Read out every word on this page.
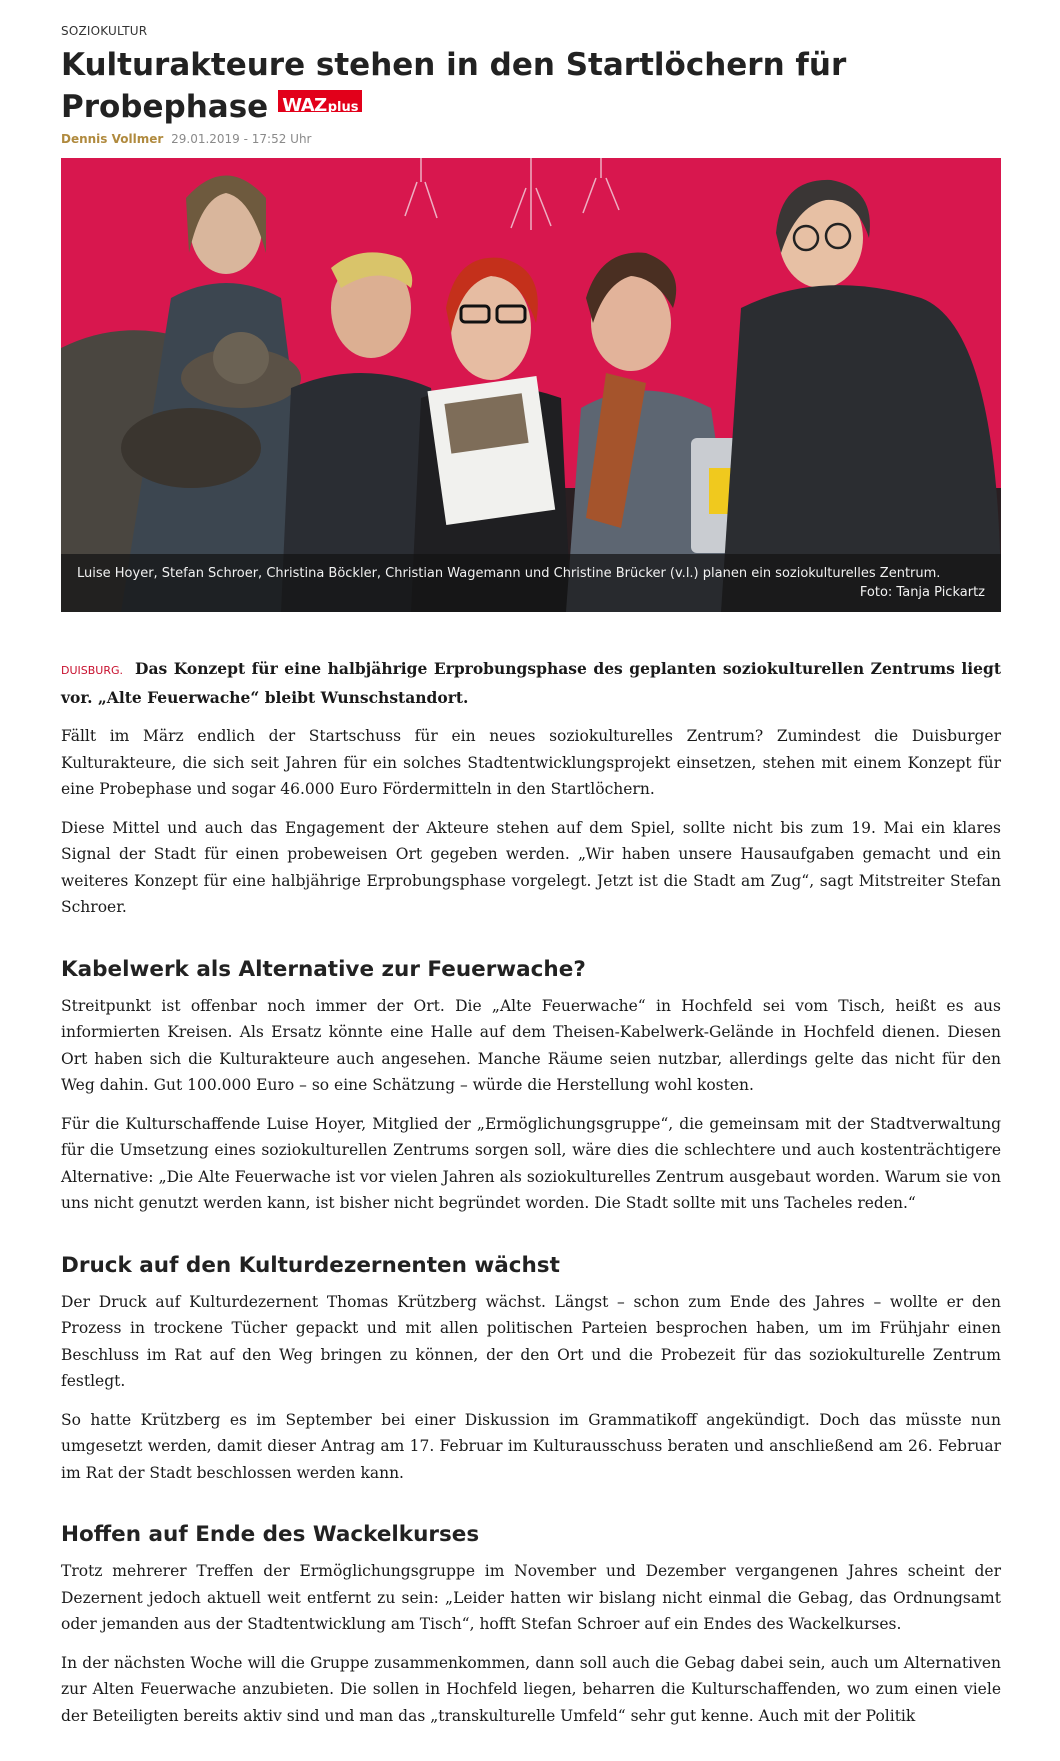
SOZIOKULTUR
Kulturakteure stehen in den Startlöchern für Probephase WAZplus
Dennis Vollmer 29.01.2019 - 17:52 Uhr
Luise Hoyer, Stefan Schroer, Christina Böckler, Christian Wagemann und Christine Brücker (v.l.) planen ein soziokulturelles Zentrum.
Foto: Tanja Pickartz
DUISBURG. Das Konzept für eine halbjährige Erprobungsphase des geplanten soziokulturellen Zentrums liegt vor. „Alte Feuerwache“ bleibt Wunschstandort.

Fällt im März endlich der Startschuss für ein neues soziokulturelles Zentrum? Zumindest die Duisburger Kulturakteure, die sich seit Jahren für ein solches Stadtentwicklungsprojekt einsetzen, stehen mit einem Konzept für eine Probephase und sogar 46.000 Euro Fördermitteln in den Startlöchern.

Diese Mittel und auch das Engagement der Akteure stehen auf dem Spiel, sollte nicht bis zum 19. Mai ein klares Signal der Stadt für einen probeweisen Ort gegeben werden. „Wir haben unsere Hausaufgaben gemacht und ein weiteres Konzept für eine halbjährige Erprobungsphase vorgelegt. Jetzt ist die Stadt am Zug“, sagt Mitstreiter Stefan Schroer.

Kabelwerk als Alternative zur Feuerwache?

Streitpunkt ist offenbar noch immer der Ort. Die „Alte Feuerwache“ in Hochfeld sei vom Tisch, heißt es aus informierten Kreisen. Als Ersatz könnte eine Halle auf dem Theisen-Kabelwerk-Gelände in Hochfeld dienen. Diesen Ort haben sich die Kulturakteure auch angesehen. Manche Räume seien nutzbar, allerdings gelte das nicht für den Weg dahin. Gut 100.000 Euro – so eine Schätzung – würde die Herstellung wohl kosten.

Für die Kulturschaffende Luise Hoyer, Mitglied der „Ermöglichungsgruppe“, die gemeinsam mit der Stadtverwaltung für die Umsetzung eines soziokulturellen Zentrums sorgen soll, wäre dies die schlechtere und auch kostenträchtigere Alternative: „Die Alte Feuerwache ist vor vielen Jahren als soziokulturelles Zentrum ausgebaut worden. Warum sie von uns nicht genutzt werden kann, ist bisher nicht begründet worden. Die Stadt sollte mit uns Tacheles reden.“

Druck auf den Kulturdezernenten wächst

Der Druck auf Kulturdezernent Thomas Krützberg wächst. Längst – schon zum Ende des Jahres – wollte er den Prozess in trockene Tücher gepackt und mit allen politischen Parteien besprochen haben, um im Frühjahr einen Beschluss im Rat auf den Weg bringen zu können, der den Ort und die Probezeit für das soziokulturelle Zentrum festlegt.

So hatte Krützberg es im September bei einer Diskussion im Grammatikoff angekündigt. Doch das müsste nun umgesetzt werden, damit dieser Antrag am 17. Februar im Kulturausschuss beraten und anschließend am 26. Februar im Rat der Stadt beschlossen werden kann.

Hoffen auf Ende des Wackelkurses

Trotz mehrerer Treffen der Ermöglichungsgruppe im November und Dezember vergangenen Jahres scheint der Dezernent jedoch aktuell weit entfernt zu sein: „Leider hatten wir bislang nicht einmal die Gebag, das Ordnungsamt oder jemanden aus der Stadtentwicklung am Tisch“, hofft Stefan Schroer auf ein Endes des Wackelkurses.

In der nächsten Woche will die Gruppe zusammenkommen, dann soll auch die Gebag dabei sein, auch um Alternativen zur Alten Feuerwache anzubieten. Die sollen in Hochfeld liegen, beharren die Kulturschaffenden, wo zum einen viele der Beteiligten bereits aktiv sind und man das „transkulturelle Umfeld“ sehr gut kenne. Auch mit der Politik
